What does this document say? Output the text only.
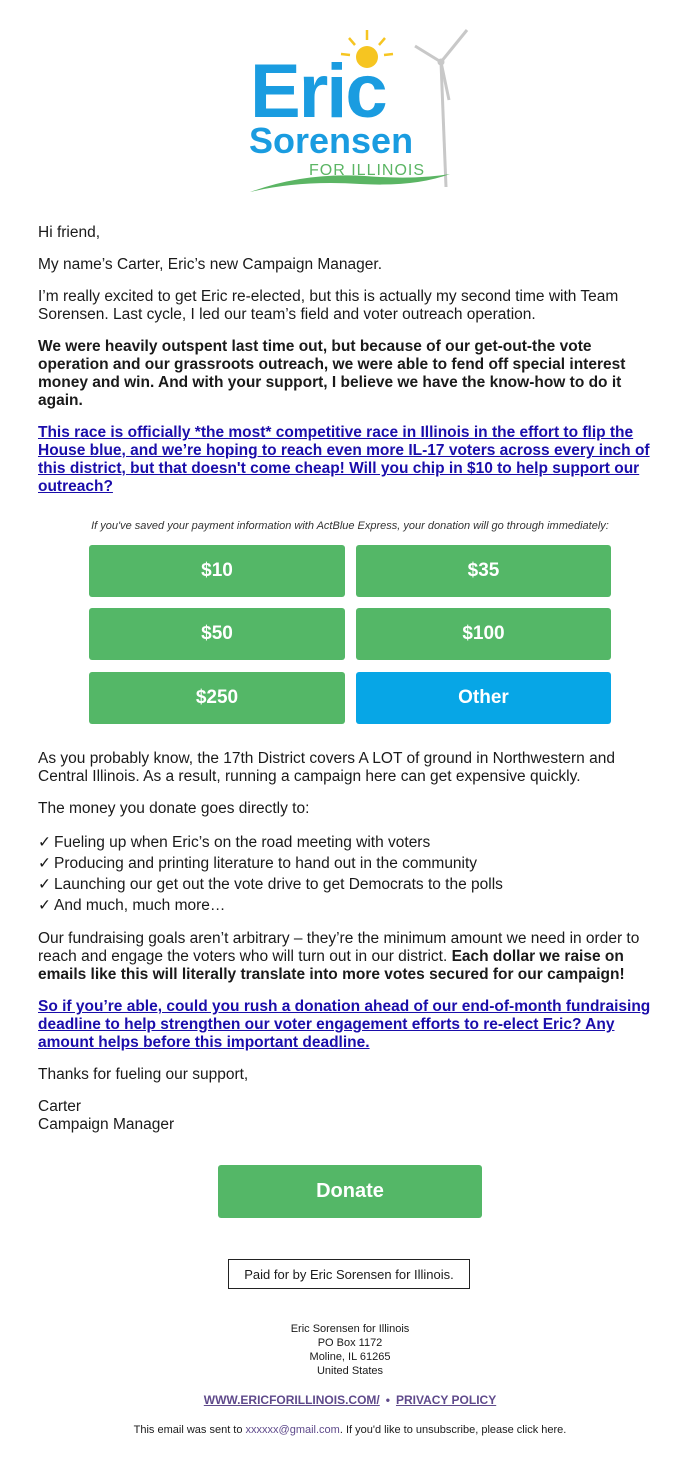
Eric
Sorensen
FOR ILLINOIS

Hi friend,

My name’s Carter, Eric’s new Campaign Manager.

I’m really excited to get Eric re-elected, but this is actually my second time with Team Sorensen. Last cycle, I led our team’s field and voter outreach operation.

We were heavily outspent last time out, but because of our get-out-the vote operation and our grassroots outreach, we were able to fend off special interest money and win. And with your support, I believe we have the know-how to do it again.

This race is officially *the most* competitive race in Illinois in the effort to flip the House blue, and we’re hoping to reach even more IL-17 voters across every inch of this district, but that doesn't come cheap! Will you chip in $10 to help support our outreach?

If you've saved your payment information with ActBlue Express, your donation will go through immediately:
$10	$35
$50	$100
$250	Other

As you probably know, the 17th District covers A LOT of ground in Northwestern and Central Illinois. As a result, running a campaign here can get expensive quickly.

The money you donate goes directly to:

✓ Fueling up when Eric’s on the road meeting with voters
✓ Producing and printing literature to hand out in the community
✓ Launching our get out the vote drive to get Democrats to the polls
✓ And much, much more…

Our fundraising goals aren’t arbitrary – they’re the minimum amount we need in order to reach and engage the voters who will turn out in our district. Each dollar we raise on emails like this will literally translate into more votes secured for our campaign!

So if you’re able, could you rush a donation ahead of our end-of-month fundraising deadline to help strengthen our voter engagement efforts to re-elect Eric? Any amount helps before this important deadline.

Thanks for fueling our support,

Carter
Campaign Manager

Donate
Paid for by Eric Sorensen for Illinois.
Eric Sorensen for Illinois
PO Box 1172
Moline, IL 61265
United States
WWW.ERICFORILLINOIS.COM/ • PRIVACY POLICY
This email was sent to xxxxxx@gmail.com. If you'd like to unsubscribe, please click here.
